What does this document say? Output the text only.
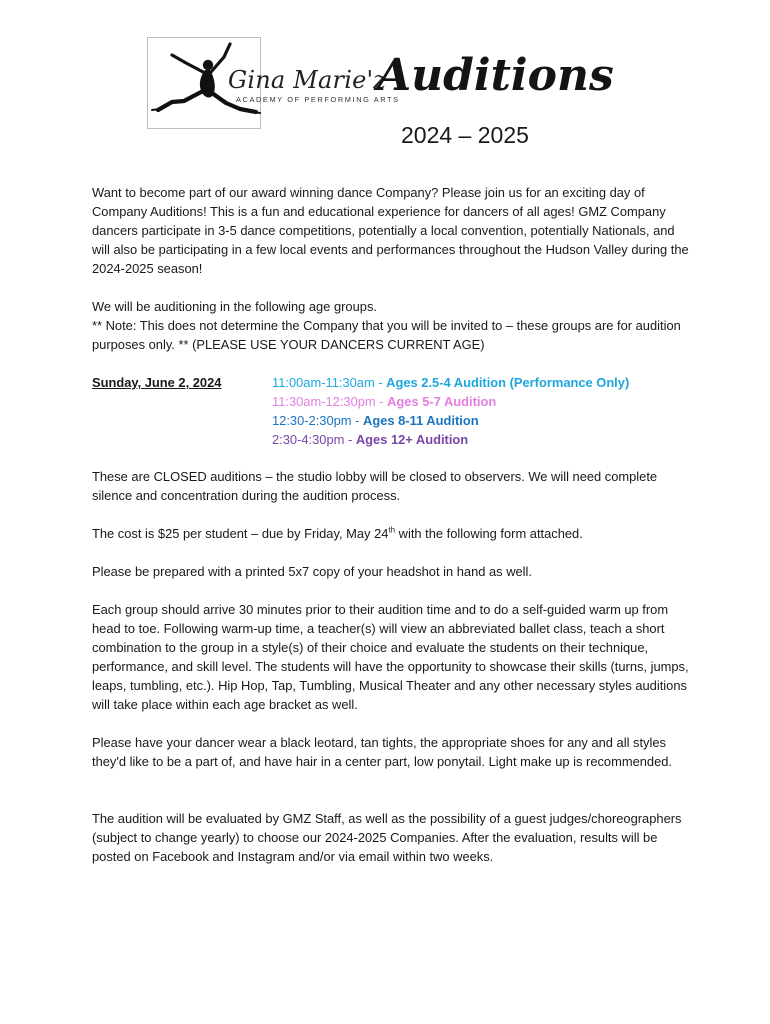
Gina Marie'z
ACADEMY OF PERFORMING ARTS
Auditions
2024 – 2025
Want to become part of our award winning dance Company? Please join us for an exciting day of Company Auditions! This is a fun and educational experience for dancers of all ages! GMZ Company dancers participate in 3-5 dance competitions, potentially a local convention, potentially Nationals, and will also be participating in a few local events and performances throughout the Hudson Valley during the 2024-2025 season!
We will be auditioning in the following age groups.
** Note: This does not determine the Company that you will be invited to – these groups are for audition purposes only. ** (PLEASE USE YOUR DANCERS CURRENT AGE)
Sunday, June 2, 2024	11:00am-11:30am - Ages 2.5-4 Audition (Performance Only)
11:30am-12:30pm - Ages 5-7 Audition
12:30-2:30pm - Ages 8-11 Audition
2:30-4:30pm - Ages 12+ Audition
These are CLOSED auditions – the studio lobby will be closed to observers. We will need complete silence and concentration during the audition process.
The cost is $25 per student – due by Friday, May 24th with the following form attached.
Please be prepared with a printed 5x7 copy of your headshot in hand as well.
Each group should arrive 30 minutes prior to their audition time and to do a self-guided warm up from head to toe. Following warm-up time, a teacher(s) will view an abbreviated ballet class, teach a short combination to the group in a style(s) of their choice and evaluate the students on their technique, performance, and skill level. The students will have the opportunity to showcase their skills (turns, jumps, leaps, tumbling, etc.). Hip Hop, Tap, Tumbling, Musical Theater and any other necessary styles auditions will take place within each age bracket as well.
Please have your dancer wear a black leotard, tan tights, the appropriate shoes for any and all styles they'd like to be a part of, and have hair in a center part, low ponytail. Light make up is recommended.
The audition will be evaluated by GMZ Staff, as well as the possibility of a guest judges/choreographers (subject to change yearly) to choose our 2024-2025 Companies. After the evaluation, results will be posted on Facebook and Instagram and/or via email within two weeks.
